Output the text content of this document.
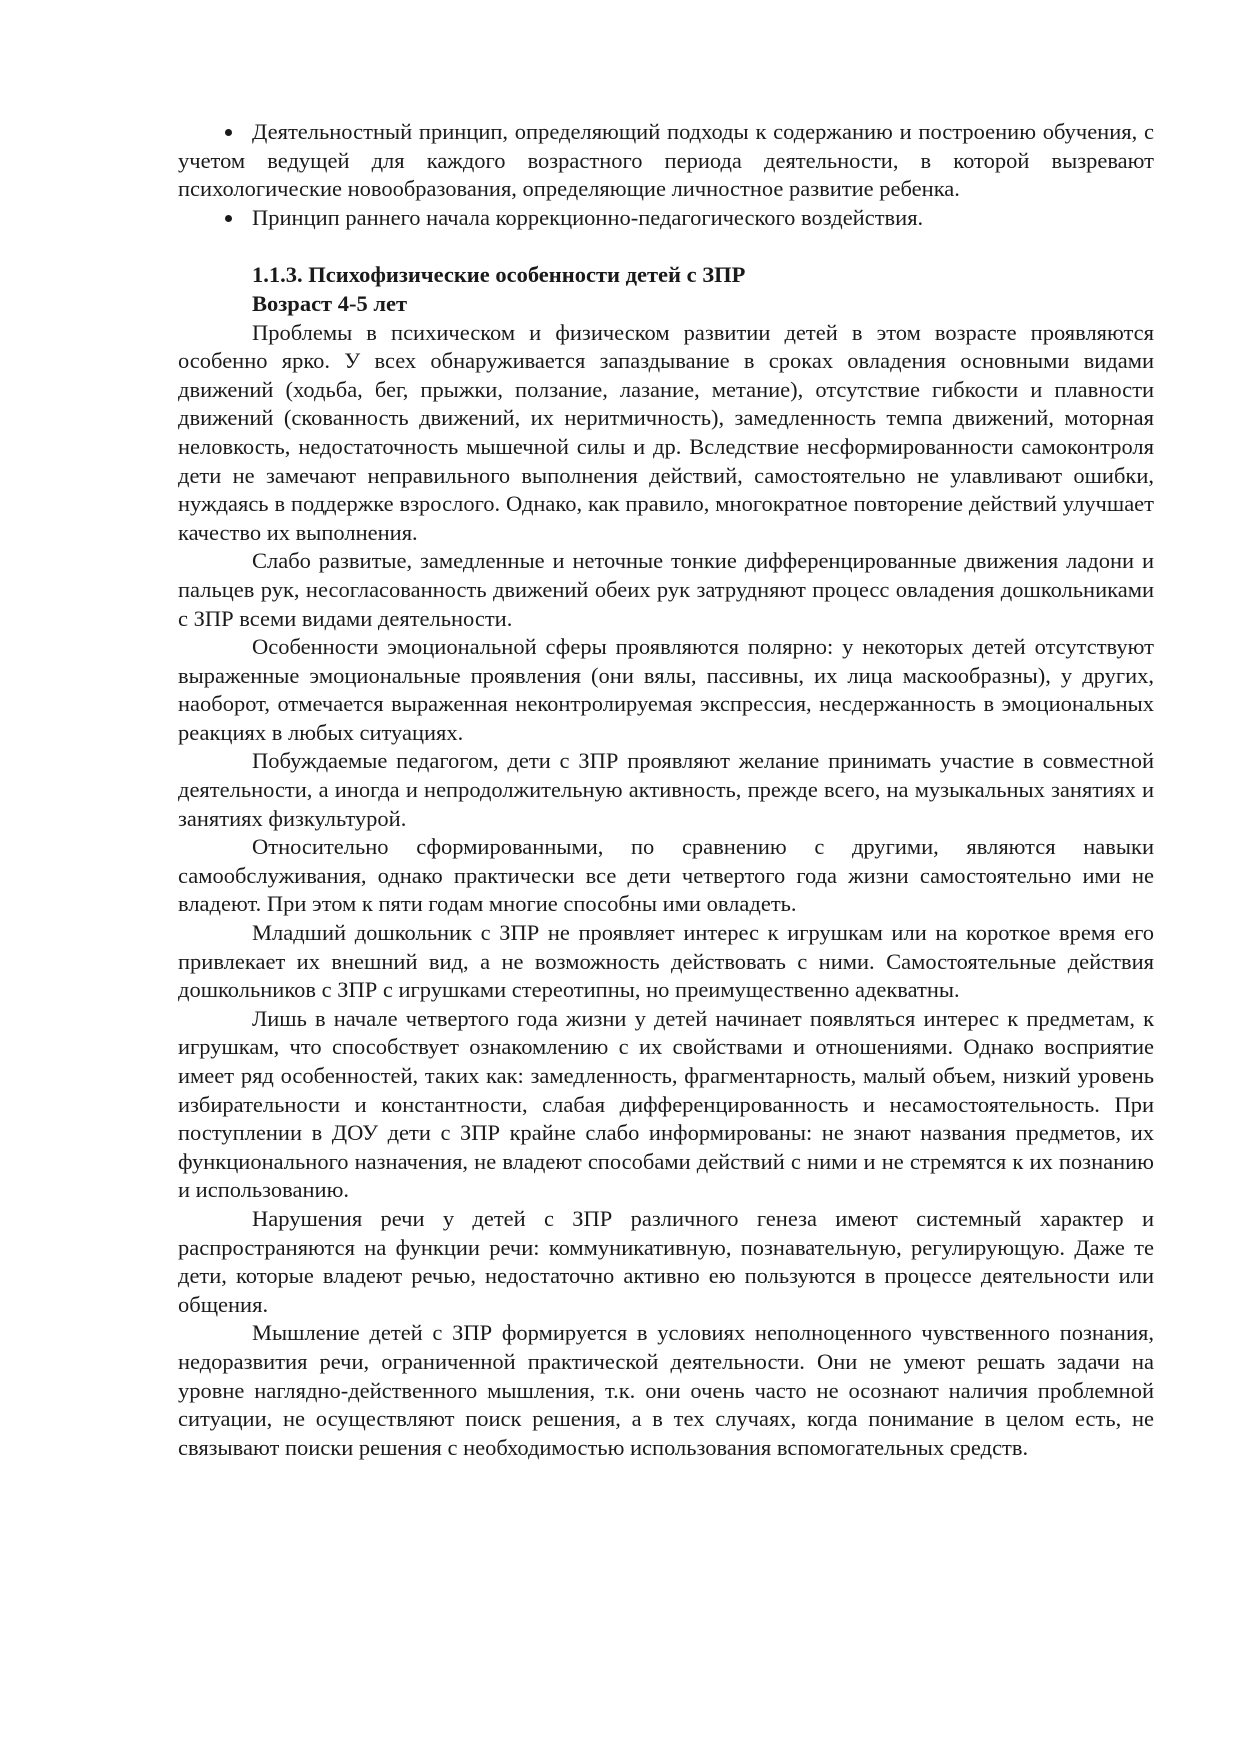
Деятельностный принцип, определяющий подходы к содержанию и построению обучения, с учетом ведущей для каждого возрастного периода деятельности, в которой вызревают психологические новообразования, определяющие личностное развитие ребенка.
Принцип раннего начала коррекционно-педагогического воздействия.
1.1.3. Психофизические особенности детей с ЗПР
Возраст 4-5 лет

Проблемы в психическом и физическом развитии детей в этом возрасте проявляются особенно ярко. У всех обнаруживается запаздывание в сроках овладения основными видами движений (ходьба, бег, прыжки, ползание, лазание, метание), отсутствие гибкости и плавности движений (скованность движений, их неритмичность), замедленность темпа движений, моторная неловкость, недостаточность мышечной силы и др. Вследствие несформированности самоконтроля дети не замечают неправильного выполнения действий, самостоятельно не улавливают ошибки, нуждаясь в поддержке взрослого. Однако, как правило, многократное повторение действий улучшает качество их выполнения.

Слабо развитые, замедленные и неточные тонкие дифференцированные движения ладони и пальцев рук, несогласованность движений обеих рук затрудняют процесс овладения дошкольниками с ЗПР всеми видами деятельности.

Особенности эмоциональной сферы проявляются полярно: у некоторых детей отсутствуют выраженные эмоциональные проявления (они вялы, пассивны, их лица маскообразны), у других, наоборот, отмечается выраженная неконтролируемая экспрессия, несдержанность в эмоциональных реакциях в любых ситуациях.

Побуждаемые педагогом, дети с ЗПР проявляют желание принимать участие в совместной деятельности, а иногда и непродолжительную активность, прежде всего, на музыкальных занятиях и занятиях физкультурой.

Относительно сформированными, по сравнению с другими, являются навыки самообслуживания, однако практически все дети четвертого года жизни самостоятельно ими не владеют. При этом к пяти годам многие способны ими овладеть.

Младший дошкольник с ЗПР не проявляет интерес к игрушкам или на короткое время его привлекает их внешний вид, а не возможность действовать с ними. Самостоятельные действия дошкольников с ЗПР с игрушками стереотипны, но преимущественно адекватны.

Лишь в начале четвертого года жизни у детей начинает появляться интерес к предметам, к игрушкам, что способствует ознакомлению с их свойствами и отношениями. Однако восприятие имеет ряд особенностей, таких как: замедленность, фрагментарность, малый объем, низкий уровень избирательности и константности, слабая дифференцированность и несамостоятельность. При поступлении в ДОУ дети с ЗПР крайне слабо информированы: не знают названия предметов, их функционального назначения, не владеют способами действий с ними и не стремятся к их познанию и использованию.

Нарушения речи у детей с ЗПР различного генеза имеют системный характер и распространяются на функции речи: коммуникативную, познавательную, регулирующую. Даже те дети, которые владеют речью, недостаточно активно ею пользуются в процессе деятельности или общения.

Мышление детей с ЗПР формируется в условиях неполноценного чувственного познания, недоразвития речи, ограниченной практической деятельности. Они не умеют решать задачи на уровне наглядно-действенного мышления, т.к. они очень часто не осознают наличия проблемной ситуации, не осуществляют поиск решения, а в тех случаях, когда понимание в целом есть, не связывают поиски решения с необходимостью использования вспомогательных средств.
